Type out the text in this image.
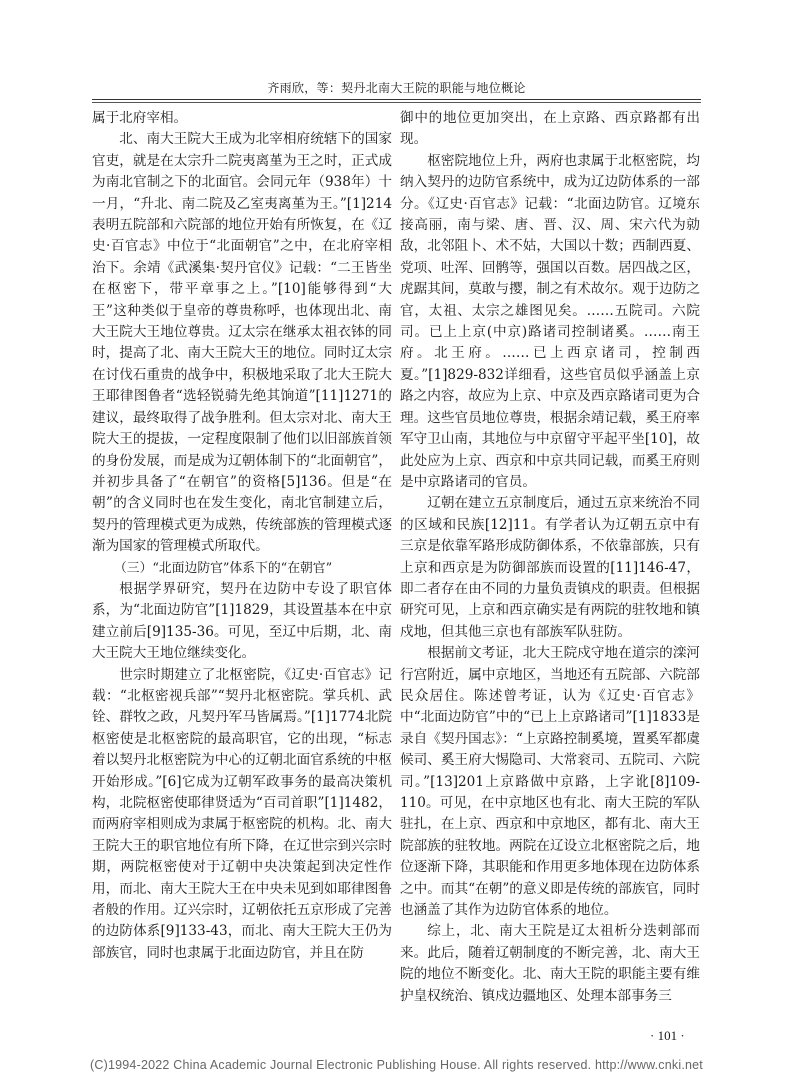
齐雨欣，等：契丹北南大王院的职能与地位概论

属于北府宰相。

北、南大王院大王成为北宰相府统辖下的国家官吏，就是在太宗升二院夷离堇为王之时，正式成为南北官制之下的北面官。会同元年（938年）十一月，“升北、南二院及乙室夷离堇为王。”[1]214表明五院部和六院部的地位开始有所恢复，在《辽史·百官志》中位于“北面朝官”之中，在北府宰相治下。余靖《武溪集·契丹官仪》记载：“二王皆坐在枢密下，带平章事之上。”[10]能够得到“大王”这种类似于皇帝的尊贵称呼，也体现出北、南大王院大王地位尊贵。辽太宗在继承太祖衣钵的同时，提高了北、南大王院大王的地位。同时辽太宗在讨伐石重贵的战争中，积极地采取了北大王院大王耶律图鲁者“选轻锐骑先绝其饷道”[11]1271的建议，最终取得了战争胜利。但太宗对北、南大王院大王的提拔，一定程度限制了他们以旧部族首领的身份发展，而是成为辽朝体制下的“北面朝官”，并初步具备了“在朝官”的资格[5]136。但是“在朝”的含义同时也在发生变化，南北官制建立后，契丹的管理模式更为成熟，传统部族的管理模式逐渐为国家的管理模式所取代。

（三）“北面边防官”体系下的“在朝官”

根据学界研究，契丹在边防中专设了职官体系，为“北面边防官”[1]1829，其设置基本在中京建立前后[9]135-36。可见，至辽中后期，北、南大王院大王地位继续变化。

世宗时期建立了北枢密院，《辽史·百官志》记载：“北枢密视兵部”“契丹北枢密院。掌兵机、武铨、群牧之政，凡契丹军马皆属焉。”[1]1774北院枢密使是北枢密院的最高职官，它的出现，“标志着以契丹北枢密院为中心的辽朝北面官系统的中枢开始形成。”[6]它成为辽朝军政事务的最高决策机构，北院枢密使耶律贤适为“百司首职”[1]1482，而两府宰相则成为隶属于枢密院的机构。北、南大王院大王的职官地位有所下降，在辽世宗到兴宗时期，两院枢密使对于辽朝中央决策起到决定性作用，而北、南大王院大王在中央未见到如耶律图鲁者般的作用。辽兴宗时，辽朝依托五京形成了完善的边防体系[9]133-43，而北、南大王院大王仍为部族官，同时也隶属于北面边防官，并且在防

御中的地位更加突出，在上京路、西京路都有出现。

枢密院地位上升，两府也隶属于北枢密院，均纳入契丹的边防官系统中，成为辽边防体系的一部分。《辽史·百官志》记载：“北面边防官。辽境东接高丽，南与梁、唐、晋、汉、周、宋六代为勍敌，北邻阻卜、术不姑，大国以十数；西制西夏、党项、吐浑、回鹘等，强国以百数。居四战之区，虎踞其间，莫敢与撄，制之有术故尔。观于边防之官，太祖、太宗之雄图见矣。……五院司。六院司。已上上京(中京)路诸司控制诸奚。……南王府。北王府。……已上西京诸司，控制西夏。”[1]829-832详细看，这些官员似乎涵盖上京路之内容，故应为上京、中京及西京路诸司更为合理。这些官员地位尊贵，根据余靖记载，奚王府率军守卫山南，其地位与中京留守平起平坐[10]，故此处应为上京、西京和中京共同记载，而奚王府则是中京路诸司的官员。

辽朝在建立五京制度后，通过五京来统治不同的区域和民族[12]11。有学者认为辽朝五京中有三京是依靠军路形成防御体系，不依靠部族，只有上京和西京是为防御部族而设置的[11]146-47，即二者存在由不同的力量负责镇戍的职责。但根据研究可见，上京和西京确实是有两院的驻牧地和镇戍地，但其他三京也有部族军队驻防。

根据前文考证，北大王院戍守地在道宗的滦河行宫附近，属中京地区，当地还有五院部、六院部民众居住。陈述曾考证，认为《辽史·百官志》中“北面边防官”中的“已上上京路诸司”[1]1833是录自《契丹国志》：“上京路控制奚境，置奚军都虞候司、奚王府大惕隐司、大常衮司、五院司、六院司。”[13]201上京路做中京路，上字讹[8]109-110。可见，在中京地区也有北、南大王院的军队驻扎，在上京、西京和中京地区，都有北、南大王院部族的驻牧地。两院在辽设立北枢密院之后，地位逐渐下降，其职能和作用更多地体现在边防体系之中。而其“在朝”的意义即是传统的部族官，同时也涵盖了其作为边防官体系的地位。

综上，北、南大王院是辽太祖析分迭剌部而来。此后，随着辽朝制度的不断完善，北、南大王院的地位不断变化。北、南大王院的职能主要有维护皇权统治、镇戍边疆地区、处理本部事务三

· 101 ·
(C)1994-2022 China Academic Journal Electronic Publishing House. All rights reserved. http://www.cnki.net
